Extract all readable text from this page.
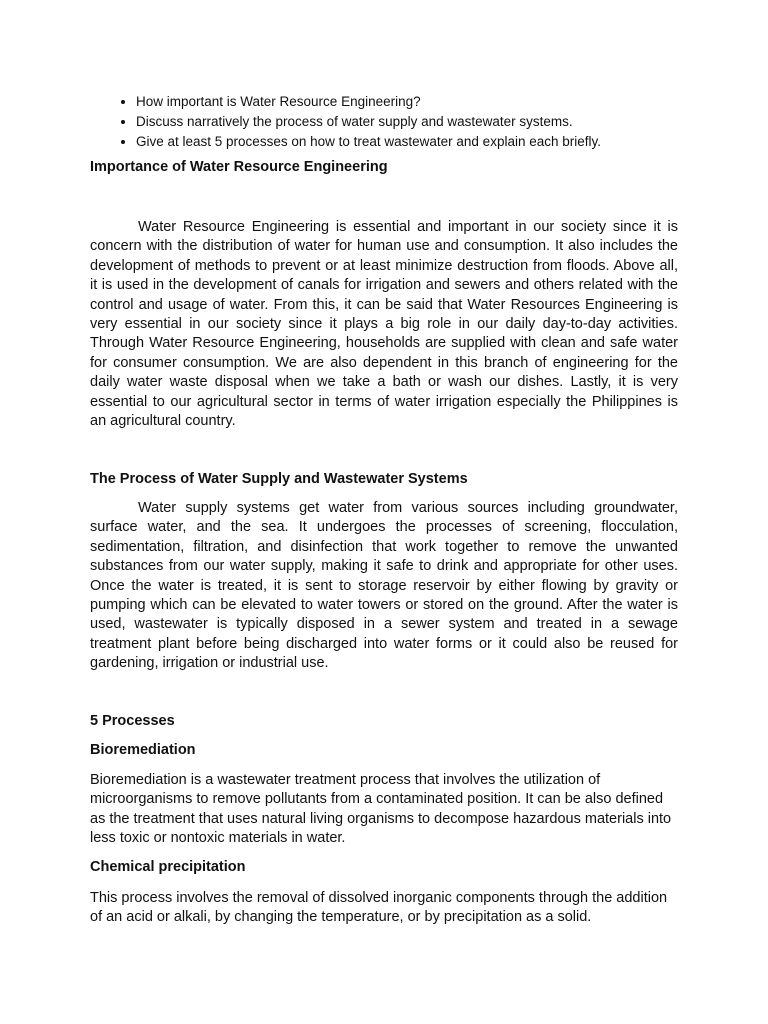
• How important is Water Resource Engineering?
• Discuss narratively the process of water supply and wastewater systems.
• Give at least 5 processes on how to treat wastewater and explain each briefly.

Importance of Water Resource Engineering

Water Resource Engineering is essential and important in our society since it is concern with the distribution of water for human use and consumption. It also includes the development of methods to prevent or at least minimize destruction from floods. Above all, it is used in the development of canals for irrigation and sewers and others related with the control and usage of water. From this, it can be said that Water Resources Engineering is very essential in our society since it plays a big role in our daily day-to-day activities. Through Water Resource Engineering, households are supplied with clean and safe water for consumer consumption. We are also dependent in this branch of engineering for the daily water waste disposal when we take a bath or wash our dishes. Lastly, it is very essential to our agricultural sector in terms of water irrigation especially the Philippines is an agricultural country.

The Process of Water Supply and Wastewater Systems

Water supply systems get water from various sources including groundwater, surface water, and the sea. It undergoes the processes of screening, flocculation, sedimentation, filtration, and disinfection that work together to remove the unwanted substances from our water supply, making it safe to drink and appropriate for other uses. Once the water is treated, it is sent to storage reservoir by either flowing by gravity or pumping which can be elevated to water towers or stored on the ground. After the water is used, wastewater is typically disposed in a sewer system and treated in a sewage treatment plant before being discharged into water forms or it could also be reused for gardening, irrigation or industrial use.

5 Processes

Bioremediation

Bioremediation is a wastewater treatment process that involves the utilization of microorganisms to remove pollutants from a contaminated position. It can be also defined as the treatment that uses natural living organisms to decompose hazardous materials into less toxic or nontoxic materials in water.

Chemical precipitation

This process involves the removal of dissolved inorganic components through the addition of an acid or alkali, by changing the temperature, or by precipitation as a solid.
